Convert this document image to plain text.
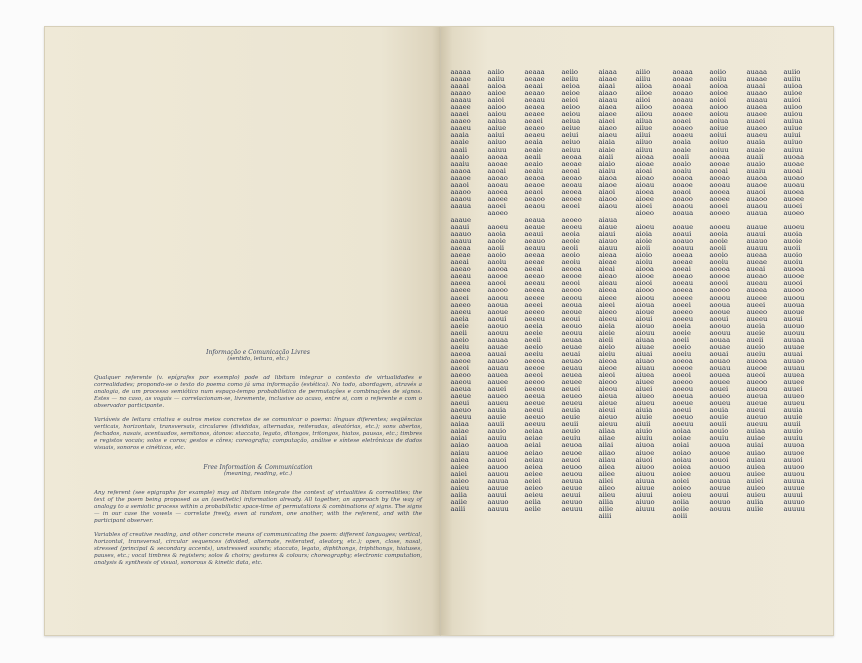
Informação e Comunicação Livres

(sentido, leitura, etc.)

Qualquer referente (v. epígrafes por exemplo) pode ad libitum integrar o contexto de virtualidades e correalidades; propondo-se o texto do poema como já uma informação (estética). No todo, abordagem, através a analogia, de um processo semiótico num espaço-tempo probabilístico de permutações e combinações de signos. Estes — no caso, as vogais — correlacionam-se, livremente, inclusive ao acaso, entre si, com o referente e com o observador participante.

Variáveis de leitura criativa e outros meios concretos de se comunicar o poema: línguas diferentes; seqüências verticais, horizontais, transversais, circulares (divididas, alternadas, reiteradas, aleatórias, etc.); sons abertos, fechados, nasais, acentuados, semitonos, átonos: staccato, legato, ditongos, tritongos, hiatos, pausas, etc.; timbres e registos vocais; solos e coros; gestos e côres; coreografia; computação, análise e síntese eletrônicas de dados visuais, sonoros e cinéticos, etc.

Free Information & Communication

(meaning, reading, etc.)

Any referent (see epigraphs for example) may ad libitum integrate the context of virtualities & correalities; the text of the poem being proposed as an (aesthetic) information already. All together, an approach by the way of analogy to a semiotic process within a probabilistic space-time of permutations & combinations of signs. The signs — in our case the vowels — correlate freely, even at random, one another, with the referent, and with the participant observer.

Variables of creative reading, and other concrete means of communicating the poem: different languages; vertical, horizontal, transversal, circular sequences (divided, alternate, reiterated, aleatory, etc.); open, close, nasal, stressed (principal & secondary accents), unstressed sounds; staccato, legato, diphthongs, triphthongs, hiatuses, pauses, etc.; vocal timbres & registers; solos & choirs; gestures & colours; choreography; electronic computation, analysis & synthesis of visual, sonorous & kinetic data, etc.

aaaaa
aaaae
aaaai
aaaao
aaaau
aaaee
aaaei
aaaeo
aaaeu
aaaia
aaaie
aaaii
aaaio
aaaiu
aaaoa
aaaoe
aaaoi
aaaoo
aaaou
aaaua
aaaue
aaaui
aaauo
aaauu
aaeaa
aaeae
aaeai
aaeao
aaeau
aaeea
aaeee
aaeei
aaeeo
aaeeu
aaeia
aaeie
aaeii
aaeio
aaeiu
aaeoa
aaeoe
aaeoi
aaeoo
aaeou
aaeua
aaeue
aaeui
aaeuo
aaeuu
aaiaa
aaiae
aaiai
aaiao
aaiau
aaiea
aaiee
aaiei
aaieo
aaieu
aaiia
aaiie
aaiii
aaiio
aaiiu
aaioa
aaioe
aaioi
aaioo
aaiou
aaiua
aaiue
aaiui
aaiuo
aaiuu
aaoaa
aaoae
aaoai
aaoao
aaoau
aaoea
aaoee
aaoei
aaoeo
aaoeu
aaoia
aaoie
aaoii
aaoio
aaoiu
aaooa
aaooe
aaooi
aaooo
aaoou
aaoua
aaoue
aaoui
aaouo
aaouu
aauaa
aauae
aauai
aauao
aauau
aauea
aauee
aauei
aaueo
aaueu
aauia
aauie
aauii
aauio
aauiu
aauoa
aauoe
aauoi
aauoo
aauou
aauua
aauue
aauui
aauuo
aauuu
aeaaa
aeaae
aeaai
aeaao
aeaau
aeaea
aeaee
aeaei
aeaeo
aeaeu
aeaia
aeaie
aeaii
aeaio
aeaiu
aeaoa
aeaoe
aeaoi
aeaoo
aeaou
aeaua
aeaue
aeaui
aeauo
aeauu
aeeaa
aeeae
aeeai
aeeao
aeeau
aeeea
aeeee
aeeei
aeeeo
aeeeu
aeeia
aeeie
aeeii
aeeio
aeeiu
aeeoa
aeeoe
aeeoi
aeeoo
aeeou
aeeua
aeeue
aeeui
aeeuo
aeeuu
aeiaa
aeiae
aeiai
aeiao
aeiau
aeiea
aeiee
aeiei
aeieo
aeieu
aeiia
aeiie
aeiio
aeiiu
aeioa
aeioe
aeioi
aeioo
aeiou
aeiua
aeiue
aeiui
aeiuo
aeiuu
aeoaa
aeoae
aeoai
aeoao
aeoau
aeoea
aeoee
aeoei
aeoeo
aeoeu
aeoia
aeoie
aeoii
aeoio
aeoiu
aeooa
aeooe
aeooi
aeooo
aeoou
aeoua
aeoue
aeoui
aeouo
aeouu
aeuaa
aeuae
aeuai
aeuao
aeuau
aeuea
aeuee
aeuei
aeueo
aeueu
aeuia
aeuie
aeuii
aeuio
aeuiu
aeuoa
aeuoe
aeuoi
aeuoo
aeuou
aeuua
aeuue
aeuui
aeuuo
aeuuu
aiaaa
aiaae
aiaai
aiaao
aiaau
aiaea
aiaee
aiaei
aiaeo
aiaeu
aiaia
aiaie
aiaii
aiaio
aiaiu
aiaoa
aiaoe
aiaoi
aiaoo
aiaou
aiaua
aiaue
aiaui
aiauo
aiauu
aieaa
aieae
aieai
aieao
aieau
aieea
aieee
aieei
aieeo
aieeu
aieia
aieie
aieii
aieio
aieiu
aieoa
aieoe
aieoi
aieoo
aieou
aieua
aieue
aieui
aieuo
aieuu
aiiaa
aiiae
aiiai
aiiao
aiiau
aiiea
aiiee
aiiei
aiieo
aiieu
aiiia
aiiie
aiiii
aiiio
aiiiu
aiioa
aiioe
aiioi
aiioo
aiiou
aiiua
aiiue
aiiui
aiiuo
aiiuu
aioaa
aioae
aioai
aioao
aioau
aioea
aioee
aioei
aioeo
aioeu
aioia
aioie
aioii
aioio
aioiu
aiooa
aiooe
aiooi
aiooo
aioou
aioua
aioue
aioui
aiouo
aiouu
aiuaa
aiuae
aiuai
aiuao
aiuau
aiuea
aiuee
aiuei
aiueo
aiueu
aiuia
aiuie
aiuii
aiuio
aiuiu
aiuoa
aiuoe
aiuoi
aiuoo
aiuou
aiuua
aiuue
aiuui
aiuuo
aiuuu
aoaaa
aoaae
aoaai
aoaao
aoaau
aoaea
aoaee
aoaei
aoaeo
aoaeu
aoaia
aoaie
aoaii
aoaio
aoaiu
aoaoa
aoaoe
aoaoi
aoaoo
aoaou
aoaua
aoaue
aoaui
aoauo
aoauu
aoeaa
aoeae
aoeai
aoeao
aoeau
aoeea
aoeee
aoeei
aoeeo
aoeeu
aoeia
aoeie
aoeii
aoeio
aoeiu
aoeoa
aoeoe
aoeoi
aoeoo
aoeou
aoeua
aoeue
aoeui
aoeuo
aoeuu
aoiaa
aoiae
aoiai
aoiao
aoiau
aoiea
aoiee
aoiei
aoieo
aoieu
aoiia
aoiie
aoiii
aoiio
aoiiu
aoioa
aoioe
aoioi
aoioo
aoiou
aoiua
aoiue
aoiui
aoiuo
aoiuu
aooaa
aooae
aooai
aooao
aooau
aooea
aooee
aooei
aooeo
aooeu
aooia
aooie
aooii
aooio
aooiu
aoooa
aoooe
aoooi
aoooo
aooou
aooua
aooue
aooui
aoouo
aoouu
aouaa
aouae
aouai
aouao
aouau
aouea
aouee
aouei
aoueo
aoueu
aouia
aouie
aouii
aouio
aouiu
aouoa
aouoe
aouoi
aouoo
aouou
aouua
aouue
aouui
aouuo
aouuu
auaaa
auaae
auaai
auaao
auaau
auaea
auaee
auaei
auaeo
auaeu
auaia
auaie
auaii
auaio
auaiu
auaoa
auaoe
auaoi
auaoo
auaou
auaua
auaue
auaui
auauo
auauu
aueaa
aueae
aueai
aueao
aueau
aueea
aueee
aueei
aueeo
aueeu
aueia
aueie
aueii
aueio
aueiu
aueoa
aueoe
aueoi
aueoo
aueou
aueua
aueue
aueui
aueuo
aueuu
auiaa
auiae
auiai
auiao
auiau
auiea
auiee
auiei
auieo
auieu
auiia
auiie
auiio
auiiu
auioa
auioe
auioi
auioo
auiou
auiua
auiue
auiui
auiuo
auiuu
auoaa
auoae
auoai
auoao
auoau
auoea
auoee
auoei
auoeo
auoeu
auoia
auoie
auoii
auoio
auoiu
auooa
auooe
auooi
auooo
auoou
auoua
auoue
auoui
auouo
auouu
auuaa
auuae
auuai
auuao
auuau
auuea
auuee
auuei
auueo
auueu
auuia
auuie
auuii
auuio
auuiu
auuoa
auuoe
auuoi
auuoo
auuou
auuua
auuue
auuui
auuuo
auuuu
